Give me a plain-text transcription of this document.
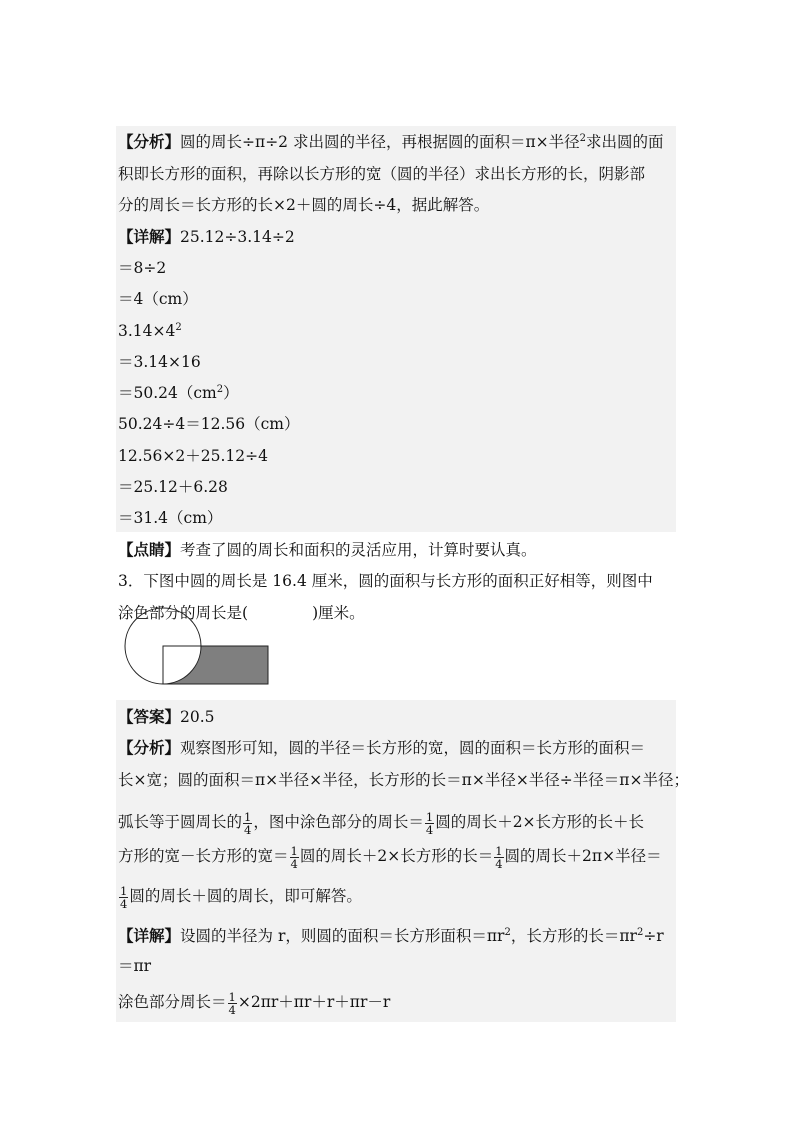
【分析】圆的周长÷π÷2 求出圆的半径，再根据圆的面积＝π×半径$^2$求出圆的面
积即长方形的面积，再除以长方形的宽（圆的半径）求出长方形的长，阴影部
分的周长＝长方形的长×2＋圆的周长÷4，据此解答。
【详解】25.12÷3.14÷2
＝8÷2
＝4（cm）
$3.14\times 4^2$
＝3.14×16
$=50.24(cm^2)$
50.24÷4＝12.56（cm）
12.56×2＋25.12÷4
＝25.12＋6.28
＝31.4（cm）
【点睛】考查了圆的周长和面积的灵活应用，计算时要认真。
3．下图中圆的周长是 16.4 厘米，圆的面积与长方形的面积正好相等，则图中
涂色部分的周长是(	)厘米。
【答案】20.5
【分析】观察图形可知，圆的半径＝长方形的宽，圆的面积＝长方形的面积＝
长×宽；圆的面积＝π×半径×半径，长方形的长＝π×半径×半径÷半径＝π×半径；
弧长等于圆周长的 $\frac{1}{4}$ ，图中涂色部分的周长＝ $\frac{1}{4}$ 圆的周长＋2×长方形的长＋长
方形的宽－长方形的宽＝ $\frac{1}{4}$ 圆的周长＋2×长方形的长＝ $\frac{1}{4}$ 圆的周长＋2π×半径＝
$\frac{1}{4}$ 圆的周长＋圆的周长，即可解答。
【详解】设圆的半径为 r，则圆的面积＝长方形面积$=\pi r^2$，长方形的长$=\pi r^2\div r$
＝πr
涂色部分周长＝ $\frac{1}{4} \times 2\pi r+\pi r+r+\pi r-r$
